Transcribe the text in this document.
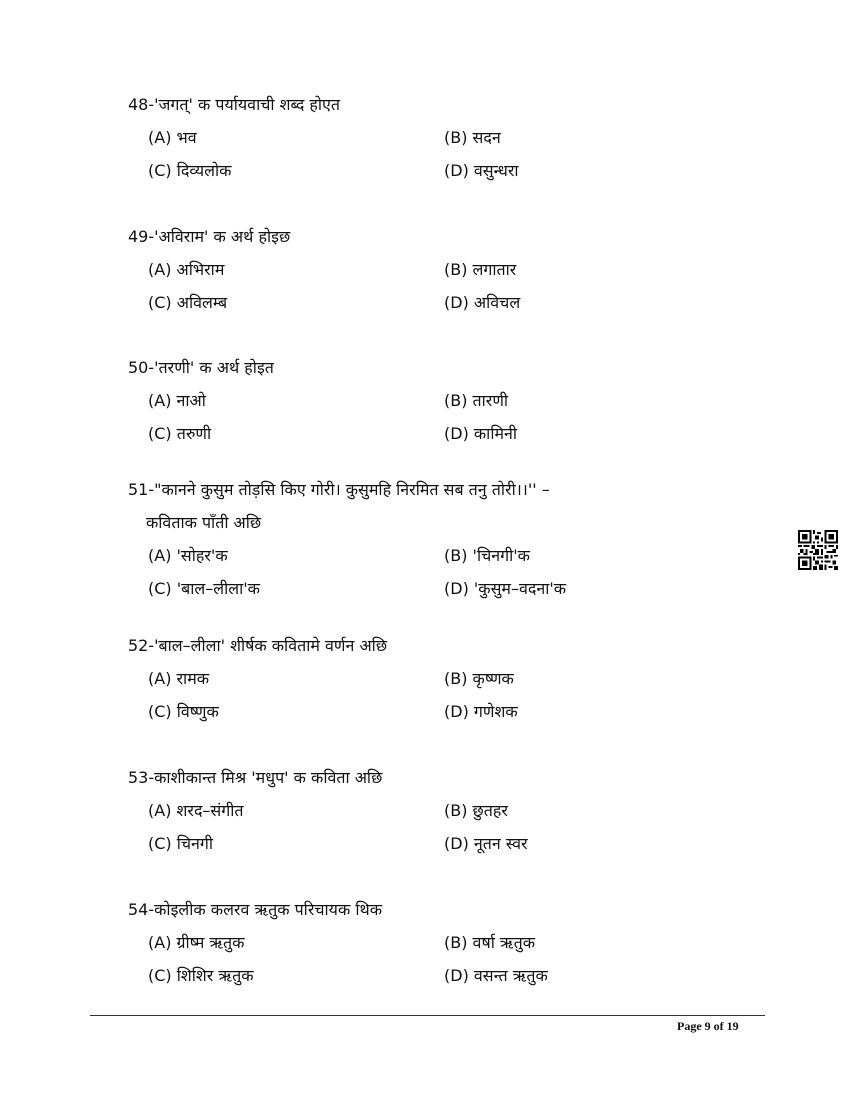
48-'जगत्' क पर्यायवाची शब्द होएत
(A) भव	(B) सदन
(C) दिव्यलोक	(D) वसुन्धरा
49-'अविराम' क अर्थ होइछ
(A) अभिराम	(B) लगातार
(C) अविलम्ब	(D) अविचल
50-'तरणी' क अर्थ होइत
(A) नाओ	(B) तारणी
(C) तरुणी	(D) कामिनी
51-"कानने कुसुम तोड़सि किए गोरी। कुसुमहि निरमित सब तनु तोरी।।'' –
कविताक पाँती अछि
(A) 'सोहर'क	(B) 'चिनगी'क
(C) 'बाल–लीला'क	(D) 'कुसुम–वदना'क
52-'बाल–लीला' शीर्षक कवितामे वर्णन अछि
(A) रामक	(B) कृष्णक
(C) विष्णुक	(D) गणेशक
53-काशीकान्त मिश्र 'मधुप' क कविता अछि
(A) शरद–संगीत	(B) छुतहर
(C) चिनगी	(D) नूतन स्वर
54-कोइलीक कलरव ऋतुक परिचायक थिक
(A) ग्रीष्म ऋतुक	(B) वर्षा ऋतुक
(C) शिशिर ऋतुक	(D) वसन्त ऋतुक
Page 9 of 19
